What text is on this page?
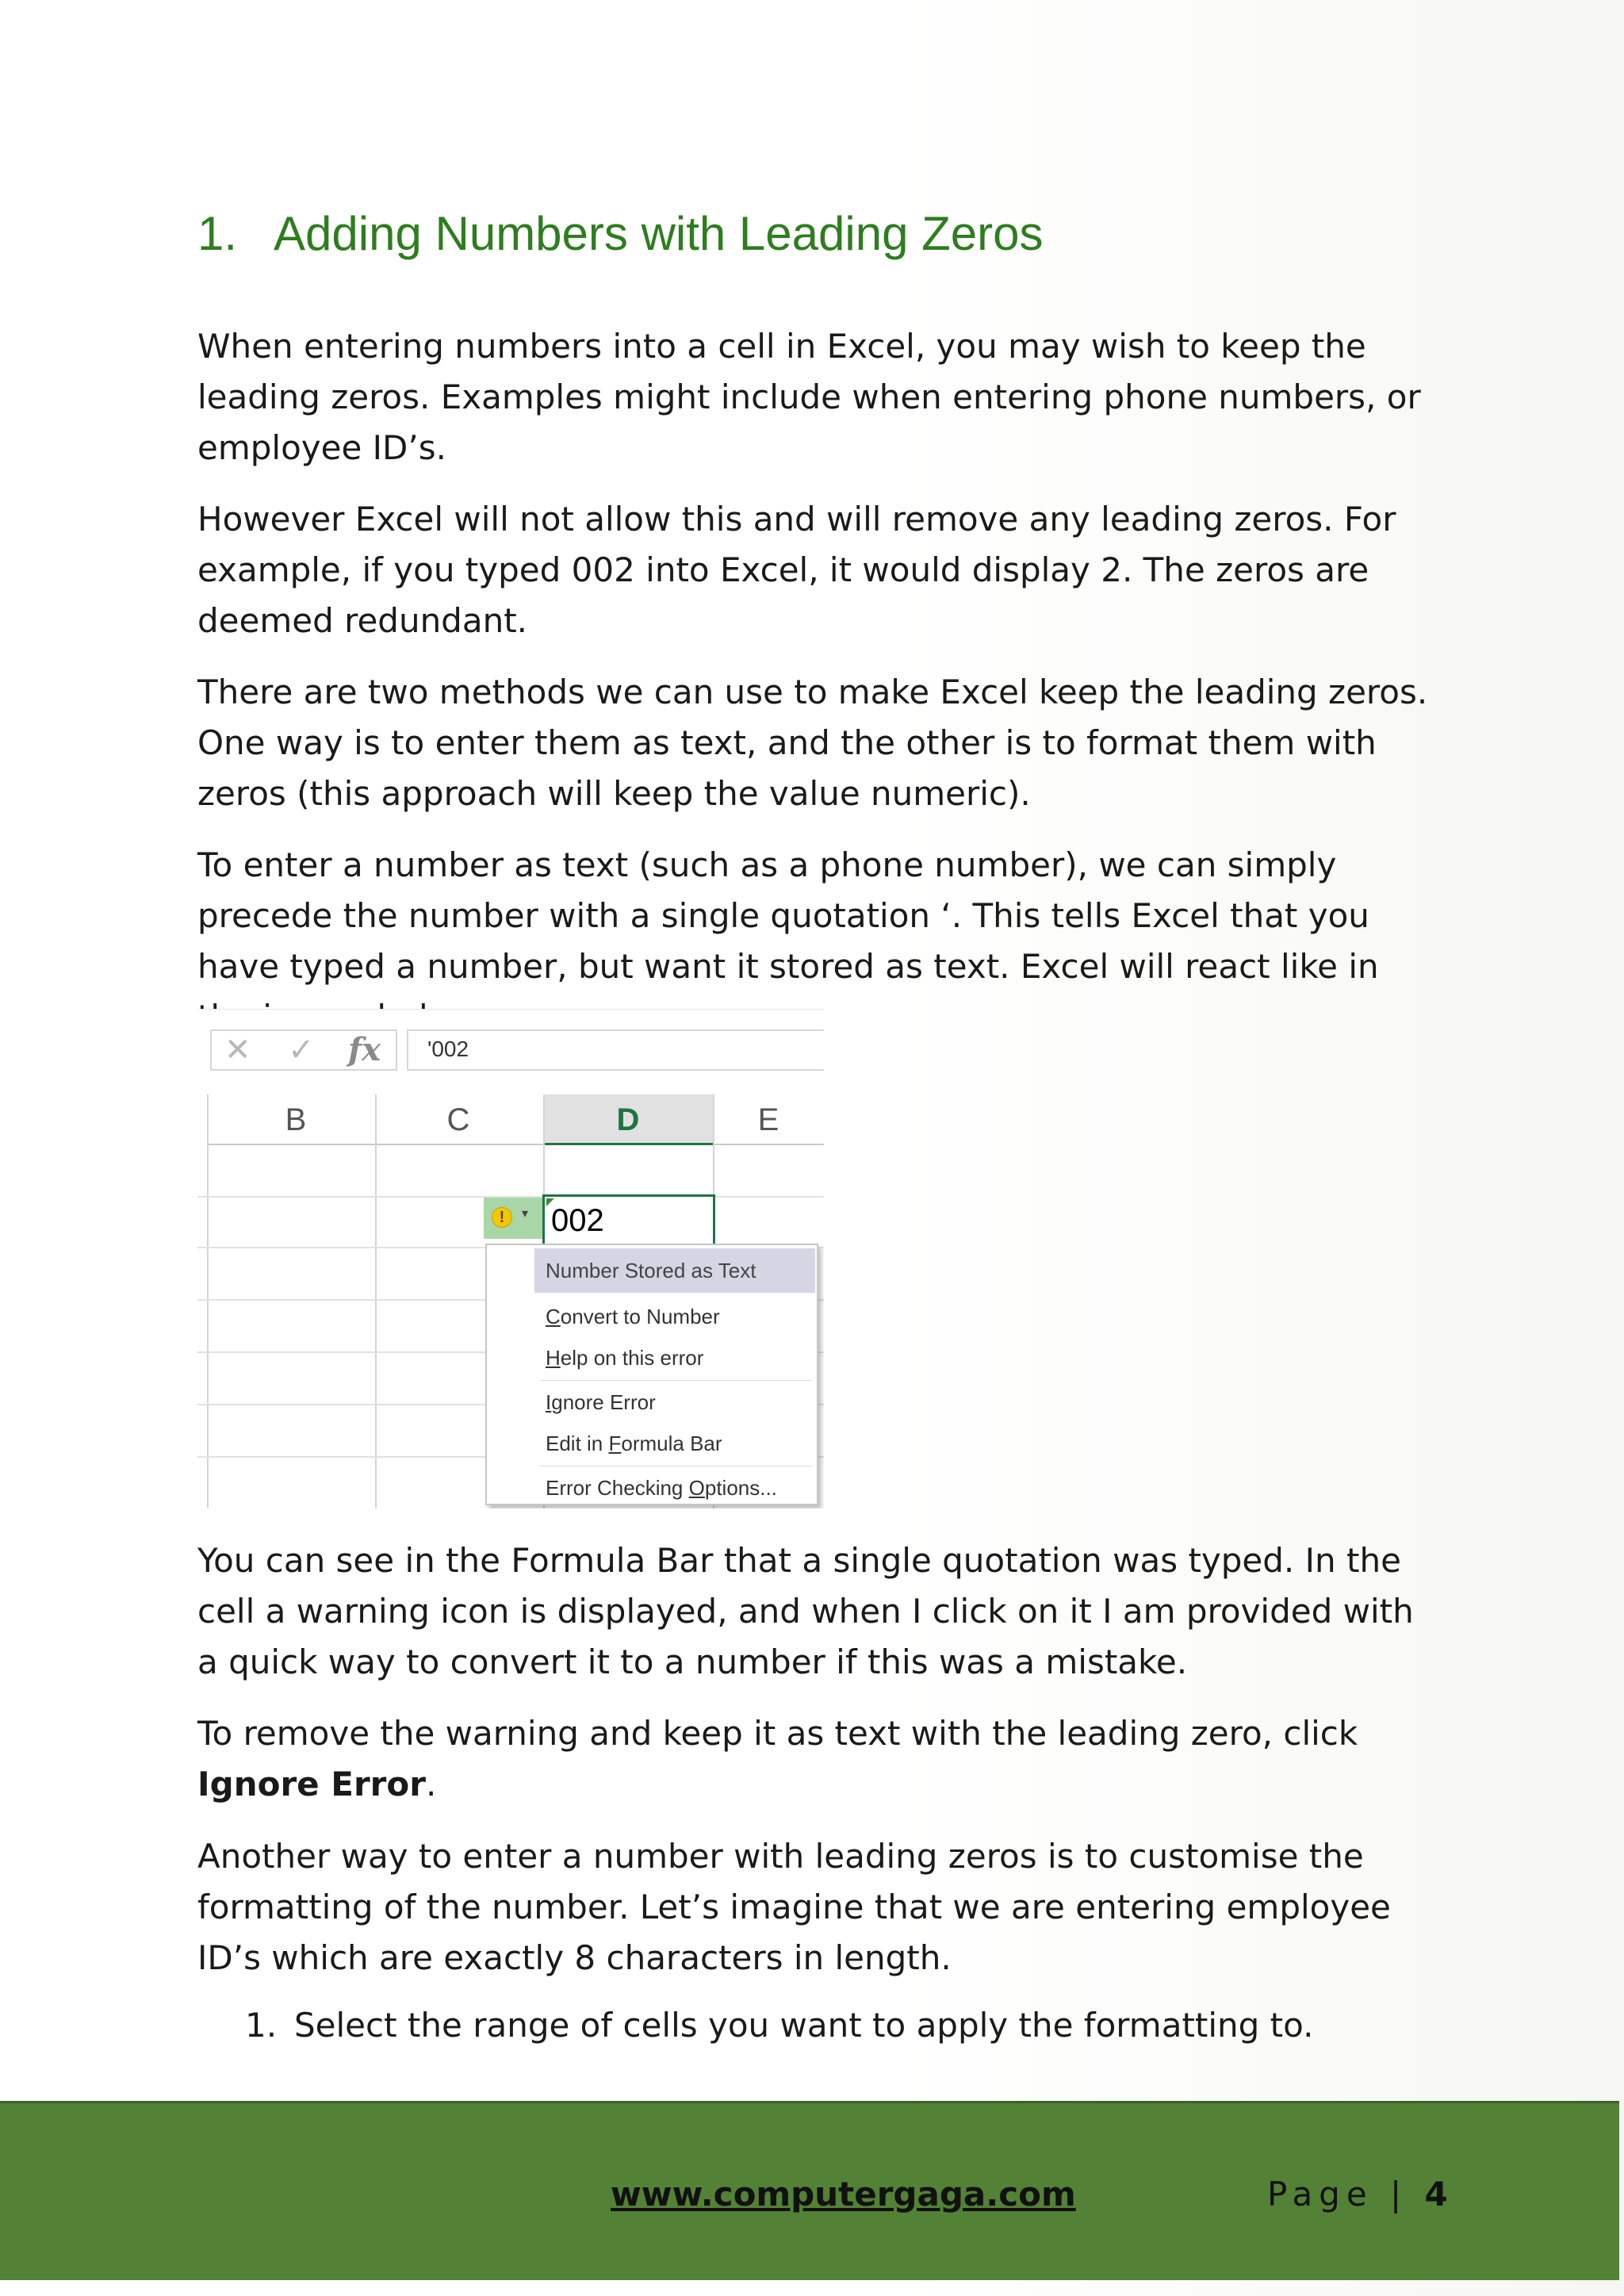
1. Adding Numbers with Leading Zeros

When entering numbers into a cell in Excel, you may wish to keep the leading zeros. Examples might include when entering phone numbers, or employee ID’s.

However Excel will not allow this and will remove any leading zeros. For example, if you typed 002 into Excel, it would display 2. The zeros are deemed redundant.

There are two methods we can use to make Excel keep the leading zeros. One way is to enter them as text, and the other is to format them with zeros (this approach will keep the value numeric).

To enter a number as text (such as a phone number), we can simply precede the number with a single quotation ‘. This tells Excel that you have typed a number, but want it stored as text. Excel will react like in

You can see in the Formula Bar that a single quotation was typed. In the cell a warning icon is displayed, and when I click on it I am provided with a quick way to convert it to a number if this was a mistake.

To remove the warning and keep it as text with the leading zero, click Ignore Error.

Another way to enter a number with leading zeros is to customise the formatting of the number. Let’s imagine that we are entering employee ID’s which are exactly 8 characters in length.

1. Select the range of cells you want to apply the formatting to.
✕ ✓ fx	'002
B	C	D	E
002
!	▾
Number Stored as Text
Convert to Number
Help on this error
Ignore Error
Edit in Formula Bar
Error Checking Options...
www.computergaga.com	Page | 4
